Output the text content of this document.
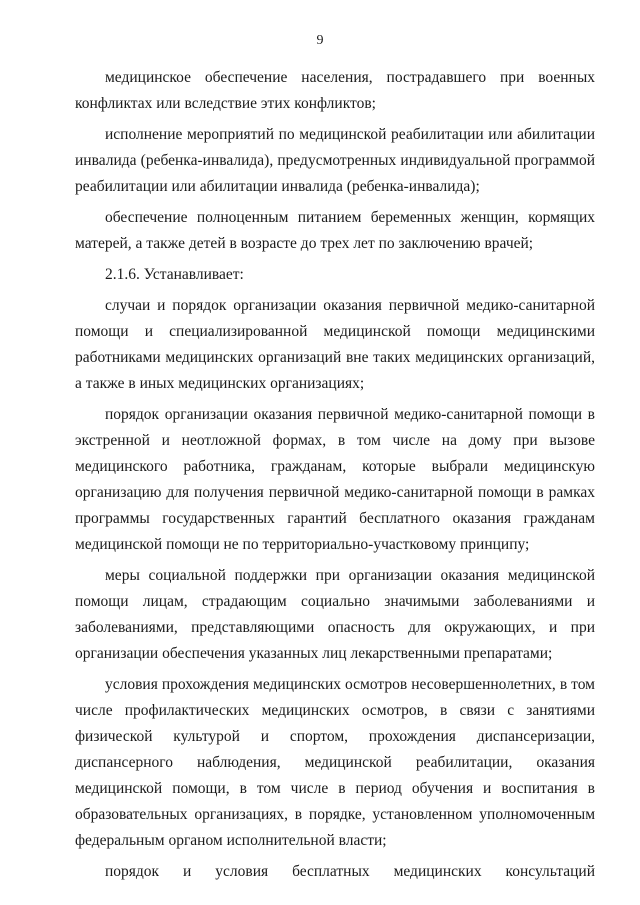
9

медицинское обеспечение населения, пострадавшего при военных конфликтах или вследствие этих конфликтов;

исполнение мероприятий по медицинской реабилитации или абилитации инвалида (ребенка-инвалида), предусмотренных индивидуальной программой реабилитации или абилитации инвалида (ребенка-инвалида);

обеспечение полноценным питанием беременных женщин, кормящих матерей, а также детей в возрасте до трех лет по заключению врачей;

2.1.6. Устанавливает:

случаи и порядок организации оказания первичной медико-санитарной помощи и специализированной медицинской помощи медицинскими работниками медицинских организаций вне таких медицинских организаций, а также в иных медицинских организациях;

порядок организации оказания первичной медико-санитарной помощи в экстренной и неотложной формах, в том числе на дому при вызове медицинского работника, гражданам, которые выбрали медицинскую организацию для получения первичной медико-санитарной помощи в рамках программы государственных гарантий бесплатного оказания гражданам медицинской помощи не по территориально-участковому принципу;

меры социальной поддержки при организации оказания медицинской помощи лицам, страдающим социально значимыми заболеваниями и заболеваниями, представляющими опасность для окружающих, и при организации обеспечения указанных лиц лекарственными препаратами;

условия прохождения медицинских осмотров несовершеннолетних, в том числе профилактических медицинских осмотров, в связи с занятиями физической культурой и спортом, прохождения диспансеризации, диспансерного наблюдения, медицинской реабилитации, оказания медицинской помощи, в том числе в период обучения и воспитания в образовательных организациях, в порядке, установленном уполномоченным федеральным органом исполнительной власти;

порядок и условия бесплатных медицинских консультаций
